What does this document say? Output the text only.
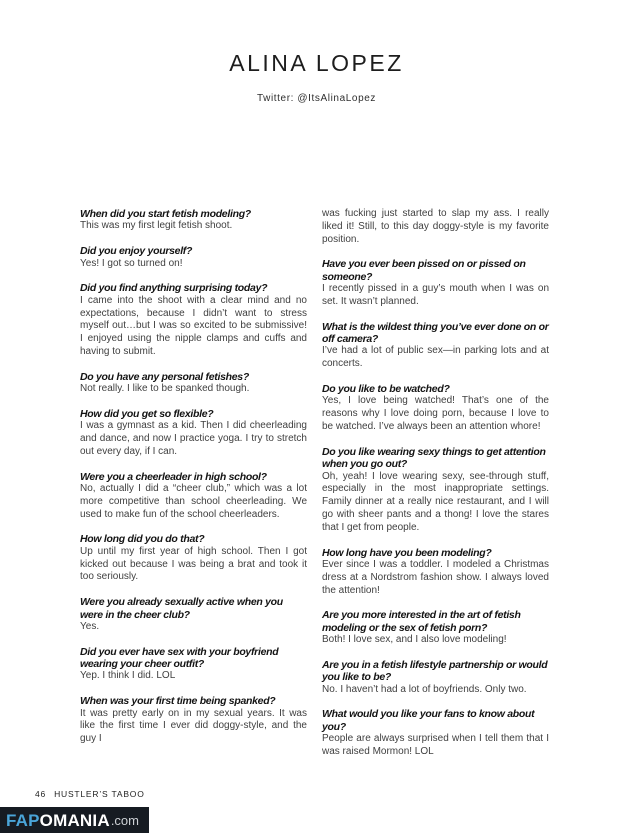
ALINA LOPEZ

Twitter: @ItsAlinaLopez

When did you start fetish modeling?

This was my first legit fetish shoot.

Did you enjoy yourself?

Yes! I got so turned on!

Did you find anything surprising today?

I came into the shoot with a clear mind and no expectations, because I didn’t want to stress myself out…but I was so excited to be submissive! I enjoyed using the nipple clamps and cuffs and having to submit.

Do you have any personal fetishes?

Not really. I like to be spanked though.

How did you get so flexible?

I was a gymnast as a kid. Then I did cheerleading and dance, and now I practice yoga. I try to stretch out every day, if I can.

Were you a cheerleader in high school?

No, actually I did a “cheer club,” which was a lot more competitive than school cheerleading. We used to make fun of the school cheerleaders.

How long did you do that?

Up until my first year of high school. Then I got kicked out because I was being a brat and took it too seriously.

Were you already sexually active when you were in the cheer club?

Yes.

Did you ever have sex with your boyfriend wearing your cheer outfit?

Yep. I think I did. LOL

When was your first time being spanked?

It was pretty early on in my sexual years. It was like the first time I ever did doggy-style, and the guy I

was fucking just started to slap my ass. I really liked it! Still, to this day doggy-style is my favorite position.

Have you ever been pissed on or pissed on someone?

I recently pissed in a guy’s mouth when I was on set. It wasn’t planned.

What is the wildest thing you’ve ever done on or off camera?

I’ve had a lot of public sex—in parking lots and at concerts.

Do you like to be watched?

Yes, I love being watched! That’s one of the reasons why I love doing porn, because I love to be watched. I’ve always been an attention whore!

Do you like wearing sexy things to get attention when you go out?

Oh, yeah! I love wearing sexy, see-through stuff, especially in the most inappropriate settings. Family dinner at a really nice restaurant, and I will go with sheer pants and a thong! I love the stares that I get from people.

How long have you been modeling?

Ever since I was a toddler. I modeled a Christmas dress at a Nordstrom fashion show. I always loved the attention!

Are you more interested in the art of fetish modeling or the sex of fetish porn?

Both! I love sex, and I also love modeling!

Are you in a fetish lifestyle partnership or would you like to be?

No. I haven’t had a lot of boyfriends. Only two.

What would you like your fans to know about you?

People are always surprised when I tell them that I was raised Mormon! LOL

46 HUSTLER’S TABOO
FAP OMANIA .com
